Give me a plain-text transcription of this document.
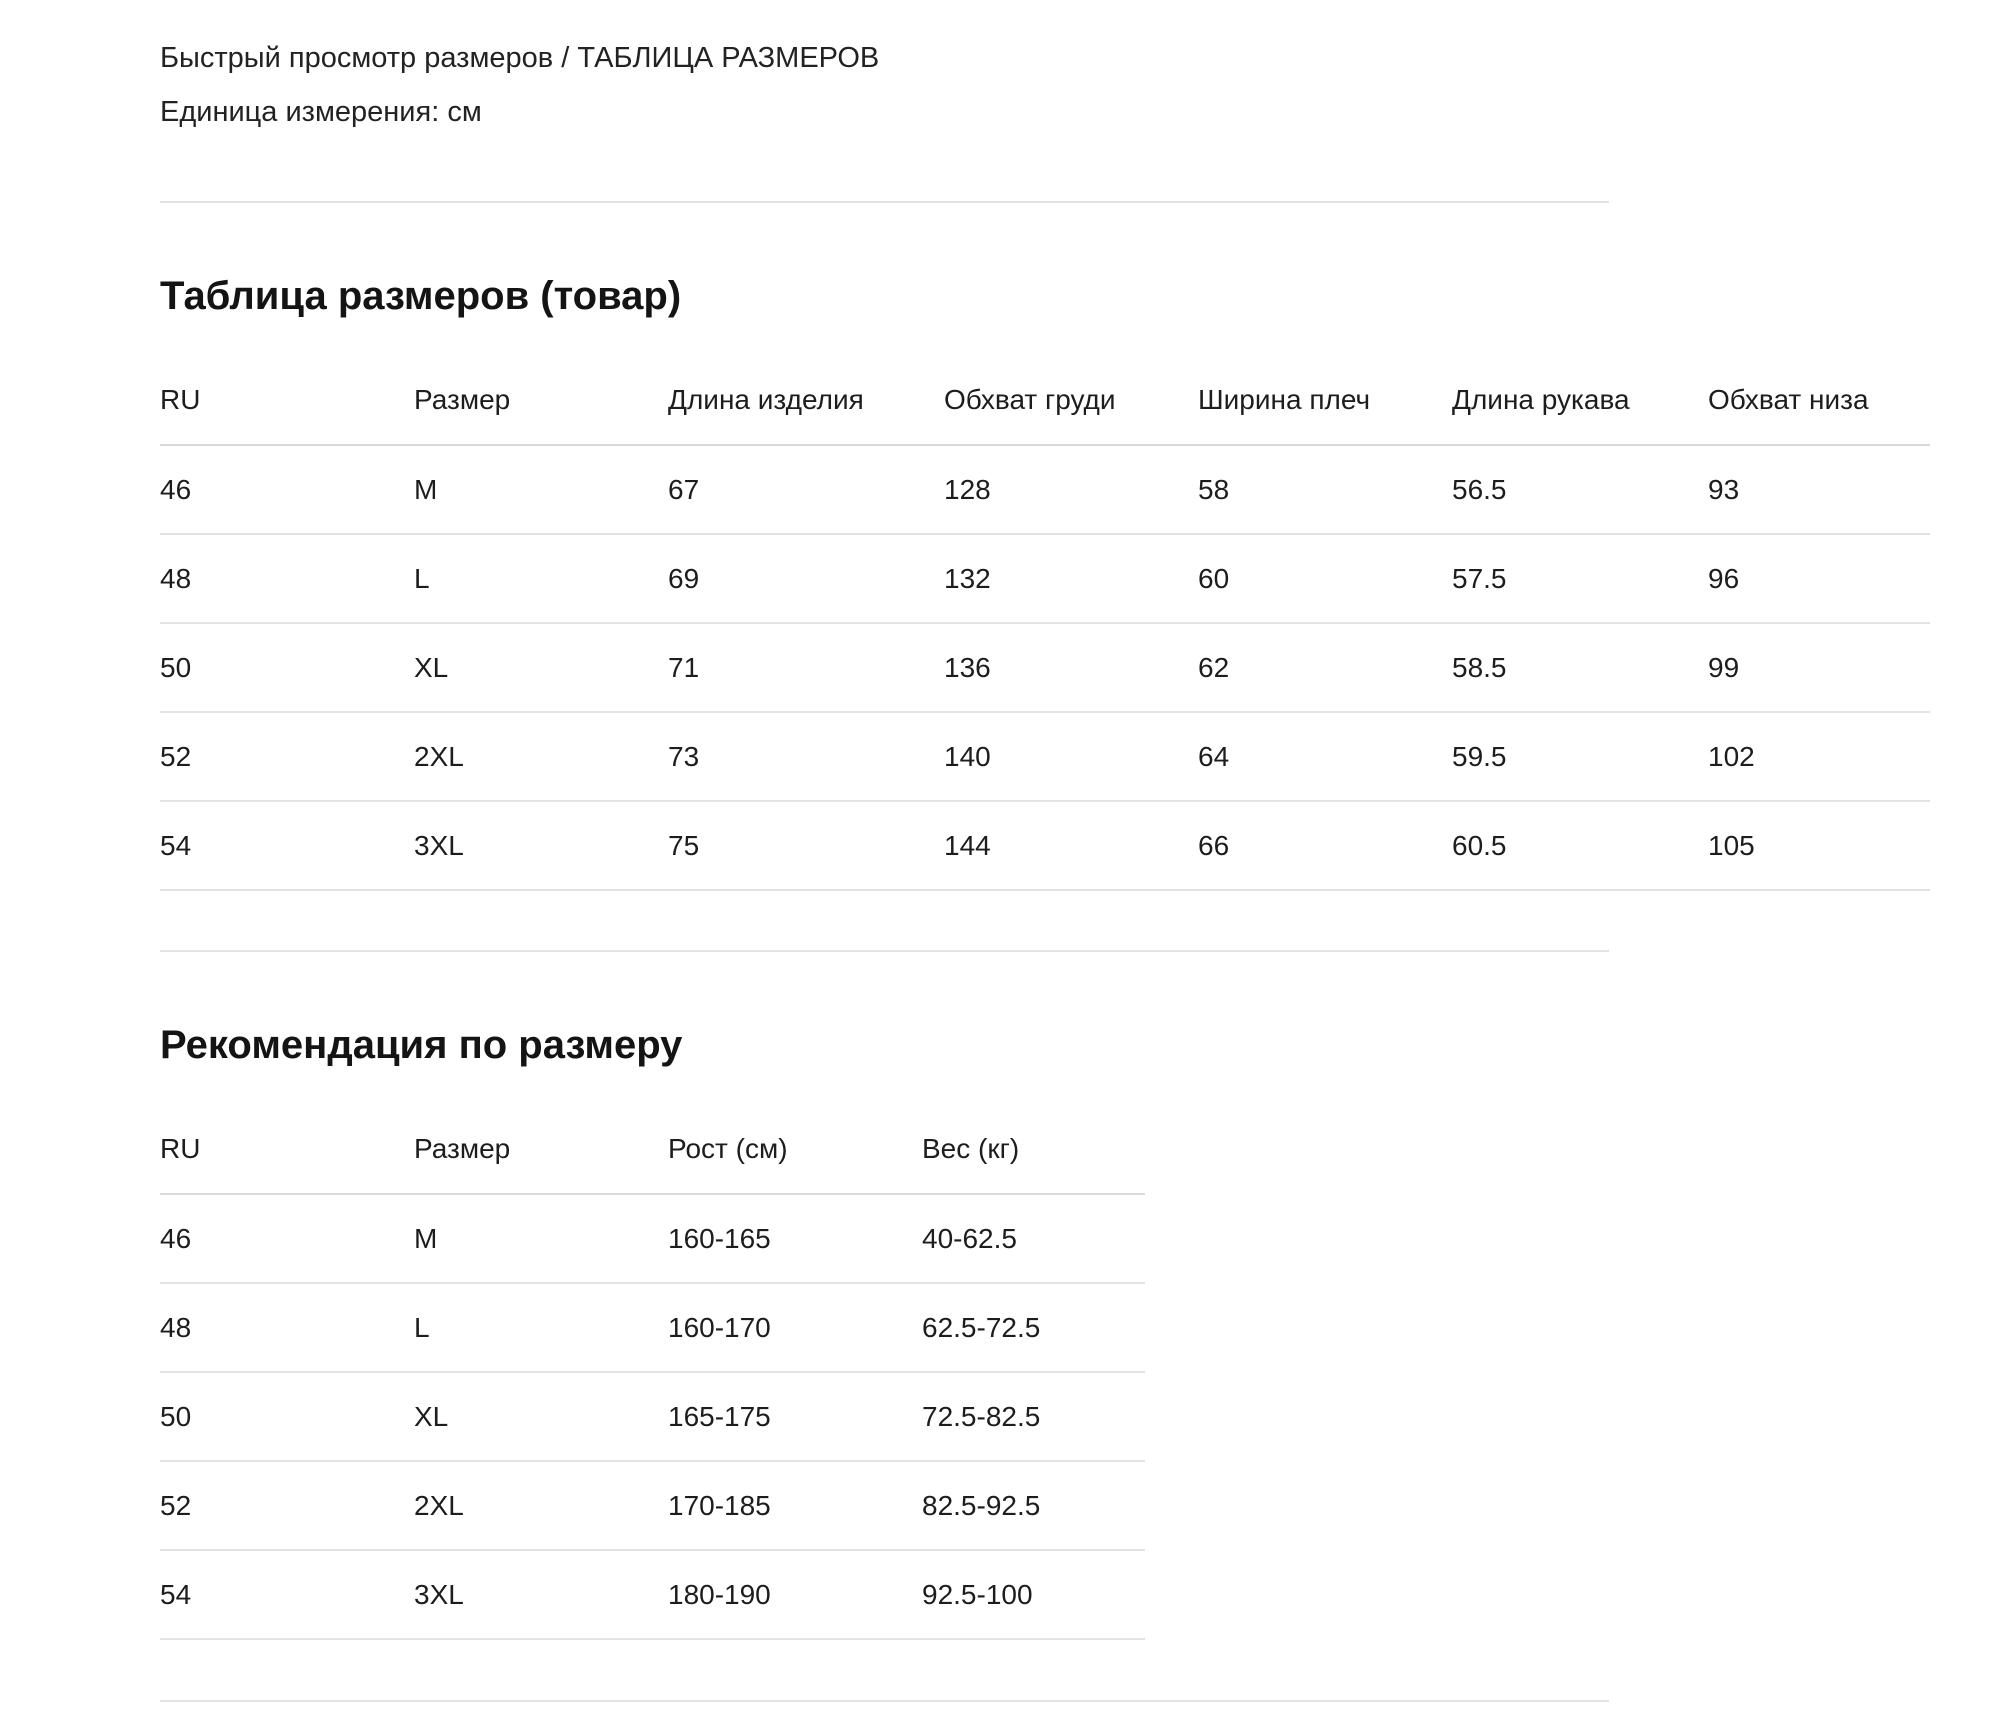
Быстрый просмотр размеров / ТАБЛИЦА РАЗМЕРОВ
Единица измерения: см
Таблица размеров (товар)
RU	Размер	Длина изделия	Обхват груди	Ширина плеч	Длина рукава	Обхват низа
46	M	67	128	58	56.5	93
48	L	69	132	60	57.5	96
50	XL	71	136	62	58.5	99
52	2XL	73	140	64	59.5	102
54	3XL	75	144	66	60.5	105
Рекомендация по размеру
RU	Размер	Рост (см)	Вес (кг)
46	M	160-165	40-62.5
48	L	160-170	62.5-72.5
50	XL	165-175	72.5-82.5
52	2XL	170-185	82.5-92.5
54	3XL	180-190	92.5-100
